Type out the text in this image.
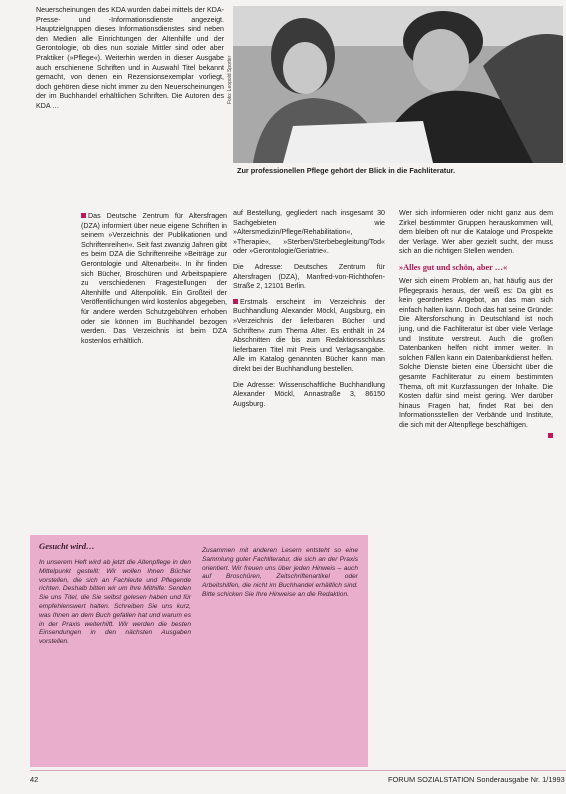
Neuerscheinungen des KDA wurden dabei mittels der KDA-Presse- und -Informationsdienste angezeigt. Hauptzielgruppen dieses Informationsdienstes sind neben den Medien alle Einrichtungen der Altenhilfe und der Gerontologie, ob dies nun soziale Mittler sind oder aber Praktiker (»Pflege«). Weiterhin werden in dieser Ausgabe auch erschienene Schriften und in Auswahl Titel bekannt gemacht, von denen ein Rezensionsexemplar vorliegt, doch gehören diese nicht immer zu den Neuerscheinungen der im Buchhandel erhältlichen Schriften. Die Autoren des KDA …

Foto: Leopold Sporter
Zur professionellen Pflege gehört der Blick in die Fachliteratur.

Das Deutsche Zentrum für Altersfragen (DZA) informiert über neue eigene Schriften in seinem »Verzeichnis der Publikationen und Schriftenreihen«. Seit fast zwanzig Jahren gibt es beim DZA die Schriftenreihe »Beiträge zur Gerontologie und Altenarbeit«. In ihr finden sich Bücher, Broschüren und Arbeitspapiere zu verschiedenen Fragestellungen der Altenhilfe und Altenpolitik. Ein Großteil der Veröffentlichungen wird kostenlos abgegeben, für andere werden Schutzgebühren erhoben oder sie können im Buchhandel bezogen werden. Das Verzeichnis ist beim DZA kostenlos erhältlich.

auf Bestellung, gegliedert nach insgesamt 30 Sachgebieten wie »Altersmedizin/Pflege/Rehabilitation«, »Therapie«, »Sterben/Sterbebegleitung/Tod« oder »Gerontologie/Geriatrie«.

Die Adresse: Deutsches Zentrum für Altersfragen (DZA), Manfred-von-Richthofen-Straße 2, 12101 Berlin.

Erstmals erscheint im Verzeichnis der Buchhandlung Alexander Möckl, Augsburg, ein »Verzeichnis der lieferbaren Bücher und Schriften« zum Thema Alter. Es enthält in 24 Abschnitten die bis zum Redaktionsschluss lieferbaren Titel mit Preis und Verlagsangabe. Alle im Katalog genannten Bücher kann man direkt bei der Buchhandlung bestellen.

Die Adresse: Wissenschaftliche Buchhandlung Alexander Möckl, Annastraße 3, 86150 Augsburg.

Wer sich informieren oder nicht ganz aus dem Zirkel bestimmter Gruppen herauskommen will, dem bleiben oft nur die Kataloge und Prospekte der Verlage. Wer aber gezielt sucht, der muss sich an die richtigen Stellen wenden.

»Alles gut und schön, aber …«

Wer sich einem Problem an, hat häufig aus der Pflegepraxis heraus, der weiß es: Da gibt es kein geordnetes Angebot, an das man sich einfach halten kann. Doch das hat seine Gründe: Die Altersforschung in Deutschland ist noch jung, und die Fachliteratur ist über viele Verlage und Institute verstreut. Auch die großen Datenbanken helfen nicht immer weiter. In solchen Fällen kann ein Datenbankdienst helfen. Solche Dienste bieten eine Übersicht über die gesamte Fachliteratur zu einem bestimmten Thema, oft mit Kurzfassungen der Inhalte. Die Kosten dafür sind meist gering. Wer darüber hinaus Fragen hat, findet Rat bei den Informationsstellen der Verbände und Institute, die sich mit der Altenpflege beschäftigen.

Gesucht wird…
In unserem Heft wird ab jetzt die Altenpflege in den Mittelpunkt gestellt: Wir wollen Ihnen Bücher vorstellen, die sich an Fachleute und Pflegende richten. Deshalb bitten wir um Ihre Mithilfe: Senden Sie uns Titel, die Sie selbst gelesen haben und für empfehlenswert halten. Schreiben Sie uns kurz, was Ihnen an dem Buch gefallen hat und warum es in der Praxis weiterhilft. Wir werden die besten Einsendungen in den nächsten Ausgaben vorstellen.
Zusammen mit anderen Lesern entsteht so eine Sammlung guter Fachliteratur, die sich an der Praxis orientiert. Wir freuen uns über jeden Hinweis – auch auf Broschüren, Zeitschriftenartikel oder Arbeitshilfen, die nicht im Buchhandel erhältlich sind. Bitte schicken Sie Ihre Hinweise an die Redaktion.
42	FORUM SOZIALSTATION Sonderausgabe Nr. 1/1993
